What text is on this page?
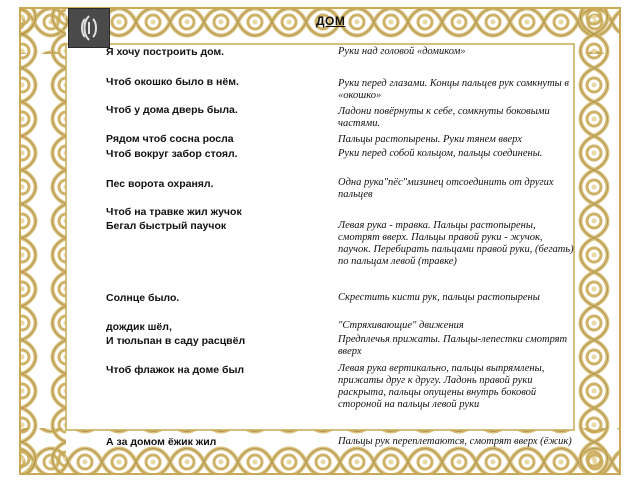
ДОМ
Я хочу построить дом.
Чтоб окошко было в нём.
Чтоб у дома дверь была.
Рядом чтоб сосна росла
Чтоб вокруг забор стоял.
Пес ворота охранял.
Чтоб на травке жил жучок
Бегал быстрый паучок
Солнце было.
дождик шёл,
И тюльпан в саду расцвёл
Чтоб флажок на доме был
А за домом ёжик жил
Руки над головой «домиком»
Руки перед глазами. Концы пальцев рук сомкнуты в «окошко»
Ладони повёрнуты к себе, сомкнуты боковыми частями.
Пальцы растопырены. Руки тянем вверх
Руки перед собой кольцом, пальцы соединены.
Одна рука"пёс"мизинец отсоединить от других пальцев
Левая рука - травка. Пальцы растопырены, смотрят вверх. Пальцы правой руки - жучок, паучок. Перебирать пальцами правой руки, (бегать) по пальцам левой (травке)
Скрестить кисти рук, пальцы растопырены
"Стряхивающие" движения
Предплечья прижаты. Пальцы-лепестки смотрят вверх
Левая рука вертикально, пальцы выпрямлены, прижаты друг к другу. Ладонь правой руки раскрыта, пальцы опущены внутрь боковой стороной на пальцы левой руки
Пальцы рук переплетаются, смотрят вверх (ёжик)
